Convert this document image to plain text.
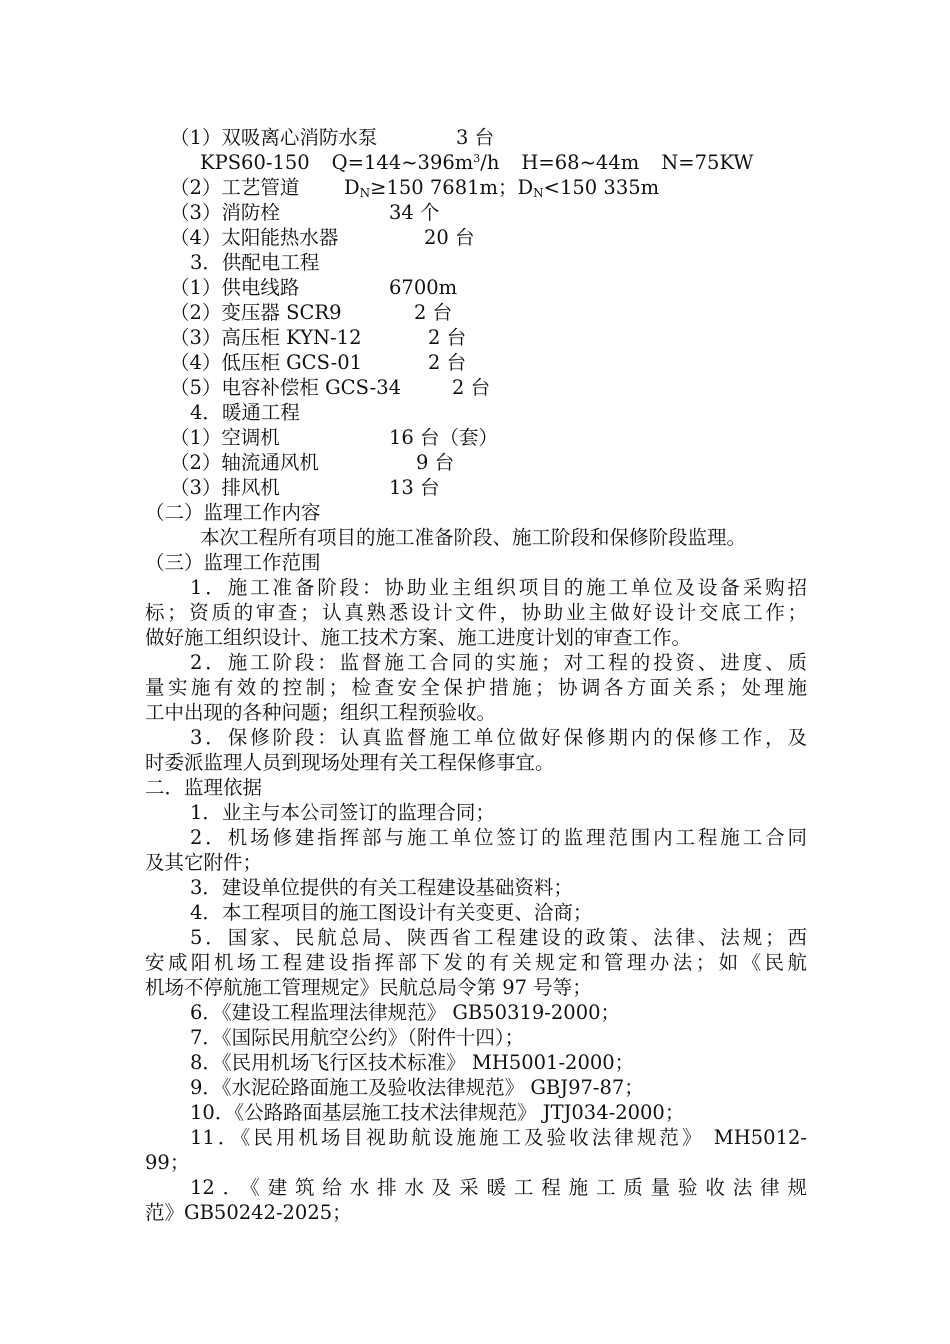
（1）双吸离心消防水泵	3 台
KPS60-150 $Q=144\sim 396m^3/h$ H=68~44m N=75KW
（2）工艺管道 $D_N\ge 150$ 7681m；$D_N<150$ 335m
（3）消防栓	34 个
（4）太阳能热水器	20 台
3．供配电工程
（1）供电线路	6700m
（2）变压器 SCR9	2 台
（3）高压柜 KYN-12	2 台
（4）低压柜 GCS-01	2 台
（5）电容补偿柜 GCS-34	2 台
4．暖通工程
（1）空调机	16 台（套）
（2）轴流通风机	9 台
（3）排风机	13 台
（二）监理工作内容
本次工程所有项目的施工准备阶段、施工阶段和保修阶段监理。
（三）监理工作范围
1．施工准备阶段：协助业主组织项目的施工单位及设备采购招
标；资质的审查；认真熟悉设计文件，协助业主做好设计交底工作；
做好施工组织设计、施工技术方案、施工进度计划的审查工作。
2．施工阶段：监督施工合同的实施；对工程的投资、进度、质
量实施有效的控制；检查安全保护措施；协调各方面关系；处理施
工中出现的各种问题；组织工程预验收。
3．保修阶段：认真监督施工单位做好保修期内的保修工作，及
时委派监理人员到现场处理有关工程保修事宜。
二．监理依据
1．业主与本公司签订的监理合同；
2．机场修建指挥部与施工单位签订的监理范围内工程施工合同
及其它附件；
3．建设单位提供的有关工程建设基础资料；
4．本工程项目的施工图设计有关变更、洽商；
5．国家、民航总局、陕西省工程建设的政策、法律、法规；西
安咸阳机场工程建设指挥部下发的有关规定和管理办法；如《民航
机场不停航施工管理规定》民航总局令第 97 号等；
6．《建设工程监理法律规范》 GB50319-2000；
7．《国际民用航空公约》（附件十四）；
8．《民用机场飞行区技术标准》 MH5001-2000；
9．《水泥砼路面施工及验收法律规范》 GBJ97-87；
10．《公路路面基层施工技术法律规范》 JTJ034-2000；
11．《民用机场目视助航设施施工及验收法律规范》 MH5012-
99；
12．《建筑给水排水及采暖工程施工质量验收法律规
范》GB50242-2025；
